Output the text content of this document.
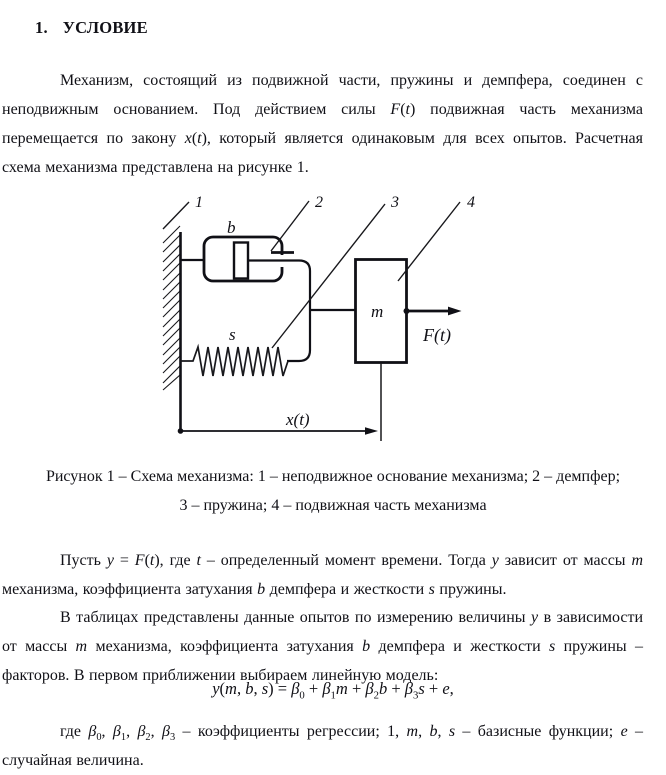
1. УСЛОВИЕ

Механизм, состоящий из подвижной части, пружины и демпфера, соединен с неподвижным основанием. Под действием силы F(t) подвижная часть механизма перемещается по закону x(t), который является одинаковым для всех опытов. Расчетная схема механизма представлена на рисунке 1.

1	2	3	4
b
s
m
F(t)
x(t)
Рисунок 1 – Схема механизма: 1 – неподвижное основание механизма; 2 – демпфер;
3 – пружина; 4 – подвижная часть механизма

Пусть y = F(t), где t – определенный момент времени. Тогда y зависит от массы m механизма, коэффициента затухания b демпфера и жесткости s пружины.

В таблицах представлены данные опытов по измерению величины y в зависимости от массы m механизма, коэффициента затухания b демпфера и жесткости s пружины – факторов. В первом приближении выбираем линейную модель:

y(m, b, $s) = \beta_0 + \beta_1m + \beta_2b + \beta_3s + e$,

где $\beta_0$, $\beta_1$, $\beta_2$, $\beta_3$ – коэффициенты регрессии; 1, m, b, s – базисные функции; e – случайная величина.
